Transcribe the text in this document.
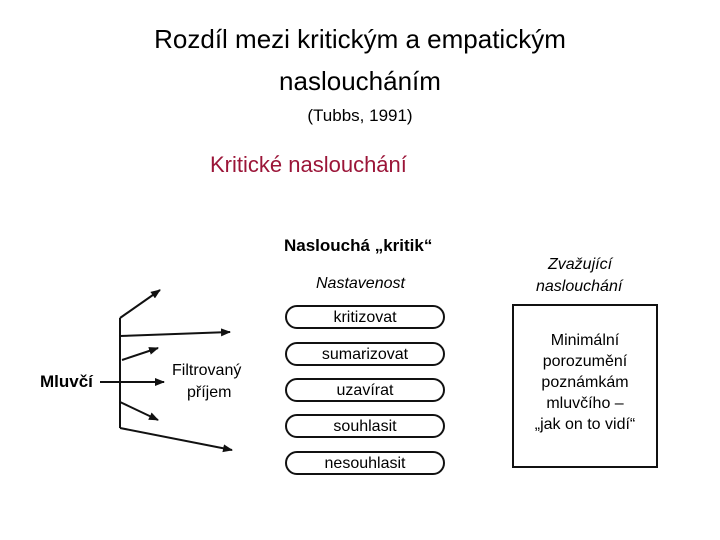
Rozdíl mezi kritickým a empatickým
nasloucháním
(Tubbs, 1991)
Kritické naslouchání
Naslouchá „kritik“
Nastavenost
Mluvčí
Filtrovaný
příjem
Zvažující
naslouchání
kritizovat
sumarizovat
uzavírat
souhlasit
nesouhlasit
Minimální
porozumění
poznámkám
mluvčího –
„jak on to vidí“
